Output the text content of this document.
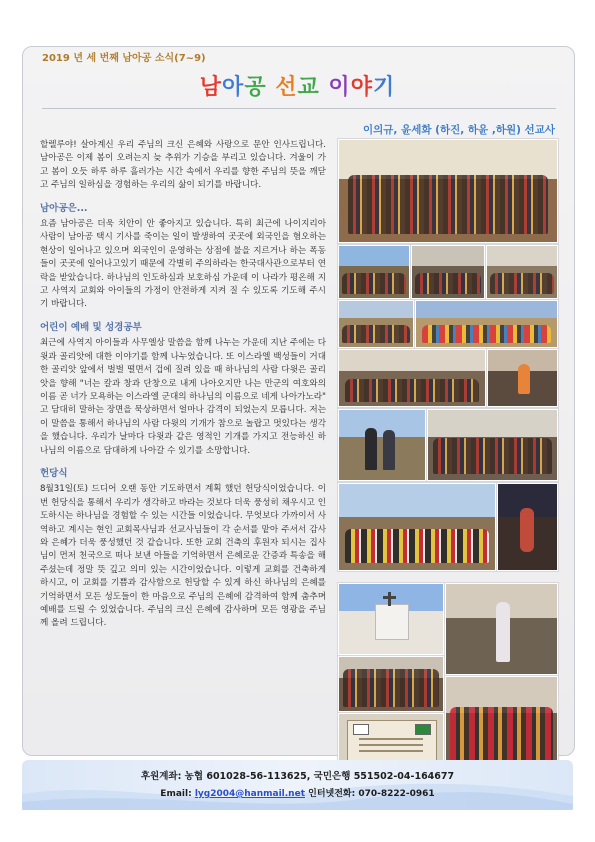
2019 년 세 번째 남아공 소식(7~9)
남아공 선교 이야기
이의규, 윤세화 (하진, 하윤 ,하원) 선교사

할렐루야! 살아계신 우리 주님의 크신 은혜와 사랑으로 문안 인사드립니다. 남아공은 이제 봄이 오려는지 늦 추위가 기승을 부리고 있습니다. 겨울이 가고 봄이 오듯 하루 하루 흘러가는 시간 속에서 우리를 향한 주님의 뜻을 깨닫고 주님의 일하심을 경험하는 우리의 삶이 되기를 바랍니다.

남아공은...

요즘 남아공은 더욱 치안이 안 좋아지고 있습니다. 특히 최근에 나이지리아 사람이 남아공 택시 기사를 죽이는 일이 발생하여 곳곳에 외국인을 혐오하는 현상이 일어나고 있으며 외국인이 운영하는 상점에 불을 지르거나 하는 폭동들이 곳곳에 일어나고있기 때문에 각별히 주의하라는 한국대사관으로부터 연락을 받았습니다. 하나님의 인도하심과 보호하심 가운데 이 나라가 평온해 지고 사역지 교회와 아이들의 가정이 안전하게 지켜 질 수 있도록 기도해 주시기 바랍니다.

어린이 예배 및 성경공부

최근에 사역지 아이들과 사무엘상 말씀을 함께 나누는 가운데 지난 주에는 다윗과 골리앗에 대한 이야기를 함께 나누었습니다. 또 이스라엘 백성들이 거대한 골리앗 앞에서 벌벌 떨면서 겁에 질려 있을 때 하나님의 사람 다윗은 골리앗을 향해 "너는 칼과 창과 단창으로 내게 나아오지만 나는 만군의 여호와의 이름 곧 너가 모욕하는 이스라엘 군대의 하나님의 이름으로 네게 나아가노라" 고 담대히 말하는 장면을 묵상하면서 얼마나 감격이 되었는지 모릅니다. 저는 이 말씀을 통해서 하나님의 사람 다윗의 기개가 참으로 놀랍고 멋있다는 생각을 했습니다. 우리가 날마다 다윗과 같은 영적인 기개를 가지고 전능하신 하나님의 이름으로 담대하게 나아갈 수 있기를 소망합니다.

헌당식

8월31일(토) 드디어 오랜 동안 기도하면서 계획 했던 헌당식이었습니다. 이번 헌당식을 통해서 우리가 생각하고 바라는 것보다 더욱 풍성히 채우시고 인도하시는 하나님을 경험할 수 있는 시간들 이었습니다. 무엇보다 가까이서 사역하고 계시는 현인 교회목사님과 선교사님들이 각 순서를 맡아 주셔서 감사와 은혜가 더욱 풍성했던 것 같습니다. 또한 교회 건축의 후원자 되시는 집사님이 먼저 천국으로 떠나 보낸 아들을 기억하면서 은혜로운 간증과 특송을 해주셨는데 정말 뜻 깊고 의미 있는 시간이었습니다. 이렇게 교회를 건축하게 하시고, 이 교회를 기쁨과 감사함으로 헌당할 수 있게 하신 하나님의 은혜를 기억하면서 모든 성도들이 한 마음으로 주님의 은혜에 감격하여 함께 춤추며 예배를 드릴 수 있었습니다. 주님의 크신 은혜에 감사하며 모든 영광을 주님께 올려 드립니다.

후원계좌: 농협 601028-56-113625, 국민은행 551502-04-164677
Email: lyg2004@hanmail.net 인터넷전화: 070-8222-0961
